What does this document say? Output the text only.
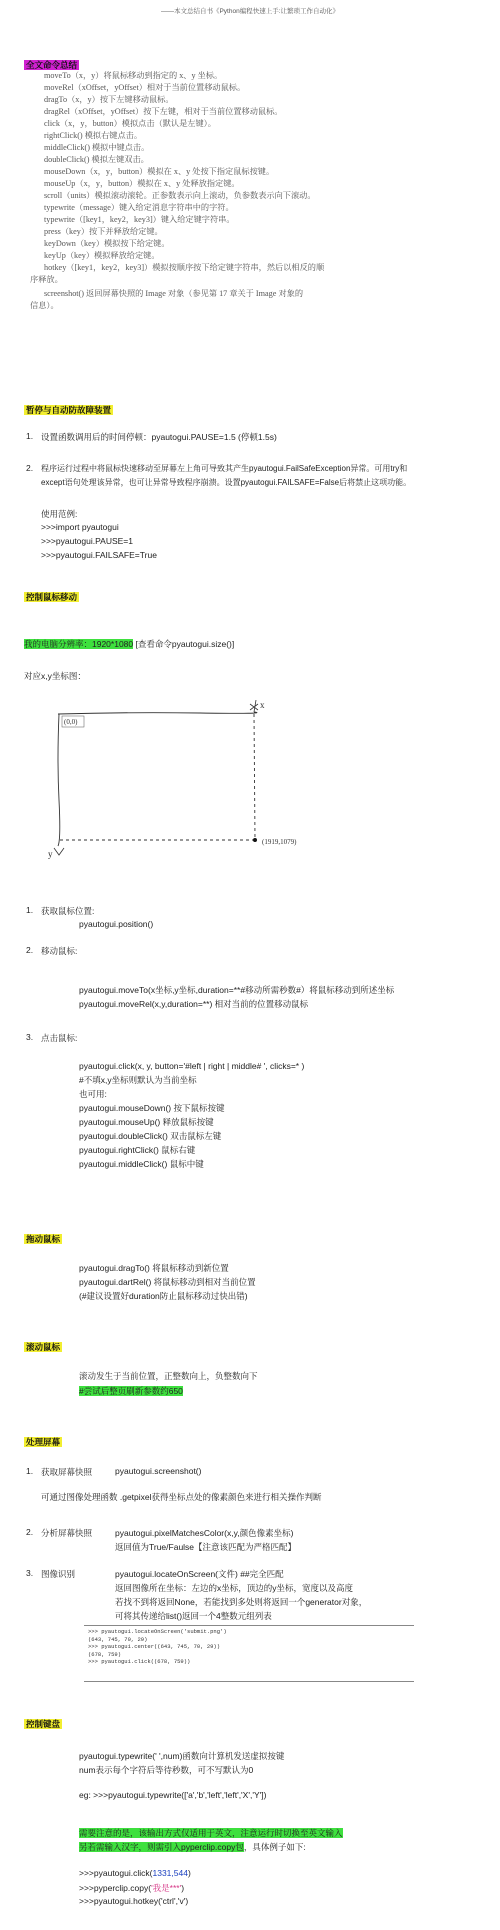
——本文总结自书《Python编程快速上手:让繁琐工作自动化》
全文命令总结
moveTo（x，y）将鼠标移动到指定的 x、y 坐标。
moveRel（xOffset，yOffset）相对于当前位置移动鼠标。
dragTo（x，y）按下左键移动鼠标。
dragRel（xOffset，yOffset）按下左键，相对于当前位置移动鼠标。
click（x，y，button）模拟点击（默认是左键）。
rightClick() 模拟右键点击。
middleClick() 模拟中键点击。
doubleClick() 模拟左键双击。
mouseDown（x，y，button）模拟在 x、y 处按下指定鼠标按键。
mouseUp（x，y，button）模拟在 x、y 处释放指定键。
scroll（units）模拟滚动滚轮。正参数表示向上滚动，负参数表示向下滚动。
typewrite（message）键入给定消息字符串中的字符。
typewrite（[key1，key2，key3]）键入给定键字符串。
press（key）按下并释放给定键。
keyDown（key）模拟按下给定键。
keyUp（key）模拟释放给定键。
hotkey（[key1，key2，key3]）模拟按顺序按下给定键字符串，然后以相反的顺
序释放。
screenshot() 返回屏幕快照的 Image 对象（参见第 17 章关于 Image 对象的
信息）。
暂停与自动防故障装置
1. 设置函数调用后的时间停顿：pyautogui.PAUSE=1.5 (停顿1.5s)
2. 程序运行过程中将鼠标快速移动至屏幕左上角可导致其产生pyautogui.FailSafeException异常。可用try和
except语句处理该异常，也可让异常导致程序崩溃。设置pyautogui.FAILSAFE=False后将禁止这项功能。
使用范例:
>>>import pyautogui
>>>pyautogui.PAUSE=1
>>>pyautogui.FAILSAFE=True
控制鼠标移动
我的电脑分辨率：1920*1080 [查看命令pyautogui.size()]
对应x,y坐标图：
(0,0)
x
y
(1919,1079)
1. 获取鼠标位置:
pyautogui.position()
2. 移动鼠标:
pyautogui.moveTo(x坐标,y坐标,duration=**#移动所需秒数#）将鼠标移动到所述坐标
pyautogui.moveRel(x,y,duration=**) 相对当前的位置移动鼠标
3. 点击鼠标:
pyautogui.click(x, y, button='#left | right | middle# ', clicks=* )
#不填x,y坐标则默认为当前坐标
也可用:
pyautogui.mouseDown() 按下鼠标按键
pyautogui.mouseUp() 释放鼠标按键
pyautogui.doubleClick() 双击鼠标左键
pyautogui.rightClick() 鼠标右键
pyautogui.middleClick() 鼠标中键
拖动鼠标
pyautogui.dragTo() 将鼠标移动到新位置
pyautogui.dartRel() 将鼠标移动到相对当前位置
(#建议设置好duration防止鼠标移动过快出错)
滚动鼠标
滚动发生于当前位置，正整数向上，负整数向下
#尝试后整页刷新参数约650
处理屏幕
1. 获取屏幕快照	pyautogui.screenshot()
可通过图像处理函数 .getpixel获得坐标点处的像素颜色来进行相关操作判断
2. 分析屏幕快照	pyautogui.pixelMatchesColor(x,y,颜色像素坐标)
返回值为True/Faulse【注意该匹配为严格匹配】
3. 图像识别	pyautogui.locateOnScreen(文件) ##完全匹配
返回图像所在坐标：左边的x坐标，顶边的y坐标，宽度以及高度
若找不到将返回None，若能找到多处则将返回一个generator对象，
可将其传递给list()返回一个4整数元组列表
>>> pyautogui.locateOnScreen('submit.png')
(643, 745, 70, 29)
>>> pyautogui.center((643, 745, 70, 29))
(678, 759)
>>> pyautogui.click((678, 759))
控制键盘
pyautogui.typewrite(' ',num)函数向计算机发送虚拟按键
num表示每个字符后等待秒数，可不写默认为0
eg: >>>pyautogui.typewrite(['a','b','left','left','X','Y'])
需要注意的是，该输出方式仅适用于英文，注意运行时切换至英文输入
另若需输入汉字，则需引入pyperclip.copy包，具体例子如下:
>>>pyautogui.click(1331,544)
>>>pyperclip.copy('我是***')
>>>pyautogui.hotkey('ctrl','v')
